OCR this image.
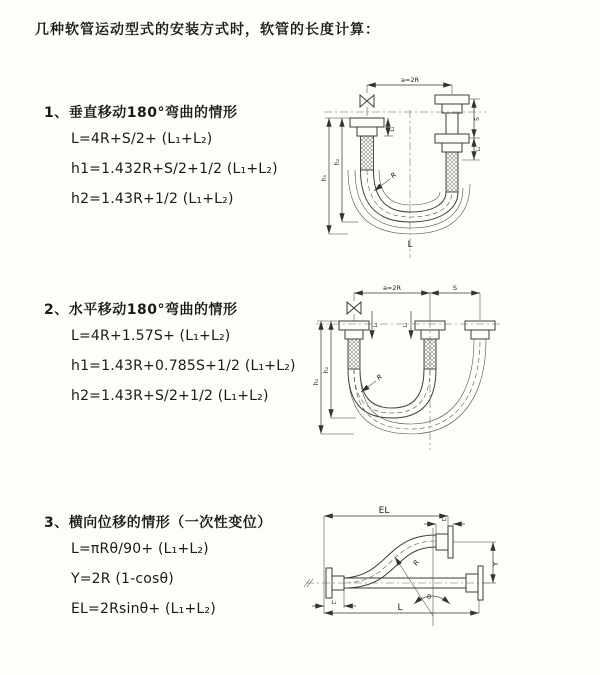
几种软管运动型式的安装方式时，软管的长度计算：
1、垂直移动180°弯曲的情形
L=4R+S/2+ (L₁+L₂)
h1=1.432R+S/2+1/2 (L₁+L₂)
h2=1.43R+1/2 (L₁+L₂)
a=2R
L₁
S
L₂
h₁
h₂
R
L
2、水平移动180°弯曲的情形
L=4R+1.57S+ (L₁+L₂)
h1=1.43R+0.785S+1/2 (L₁+L₂)
h2=1.43R+S/2+1/2 (L₁+L₂)
a=2R	S
L₁	L₂
h₁
h₂
R
3、横向位移的情形（一次性变位）
L=πRθ/90+ (L₁+L₂)
Y=2R (1-cosθ)
EL=2Rsinθ+ (L₁+L₂)
EL
L₂
Y
R
θ
L
L₁
